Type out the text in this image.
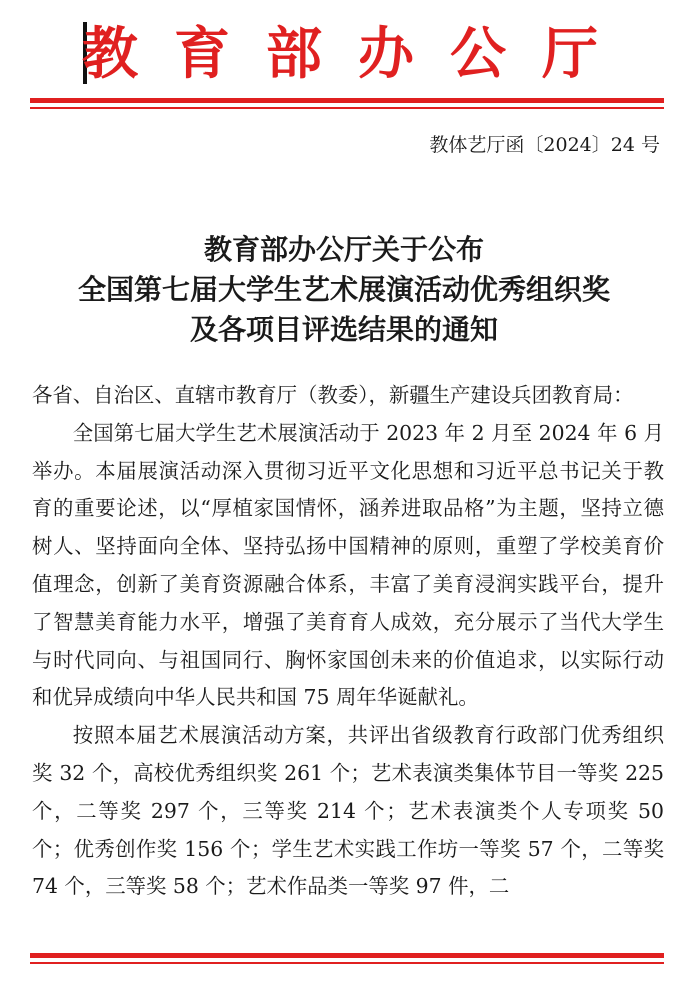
教育部办公厅
教体艺厅函〔2024〕24 号
教育部办公厅关于公布
全国第七届大学生艺术展演活动优秀组织奖
及各项目评选结果的通知

各省、自治区、直辖市教育厅（教委），新疆生产建设兵团教育局：

全国第七届大学生艺术展演活动于 2023 年 2 月至 2024 年 6 月举办。本届展演活动深入贯彻习近平文化思想和习近平总书记关于教育的重要论述，以“厚植家国情怀，涵养进取品格”为主题，坚持立德树人、坚持面向全体、坚持弘扬中国精神的原则，重塑了学校美育价值理念，创新了美育资源融合体系，丰富了美育浸润实践平台，提升了智慧美育能力水平，增强了美育育人成效，充分展示了当代大学生与时代同向、与祖国同行、胸怀家国创未来的价值追求，以实际行动和优异成绩向中华人民共和国 75 周年华诞献礼。

按照本届艺术展演活动方案，共评出省级教育行政部门优秀组织奖 32 个，高校优秀组织奖 261 个；艺术表演类集体节目一等奖 225 个，二等奖 297 个，三等奖 214 个；艺术表演类个人专项奖 50 个；优秀创作奖 156 个；学生艺术实践工作坊一等奖 57 个，二等奖 74 个，三等奖 58 个；艺术作品类一等奖 97 件，二
